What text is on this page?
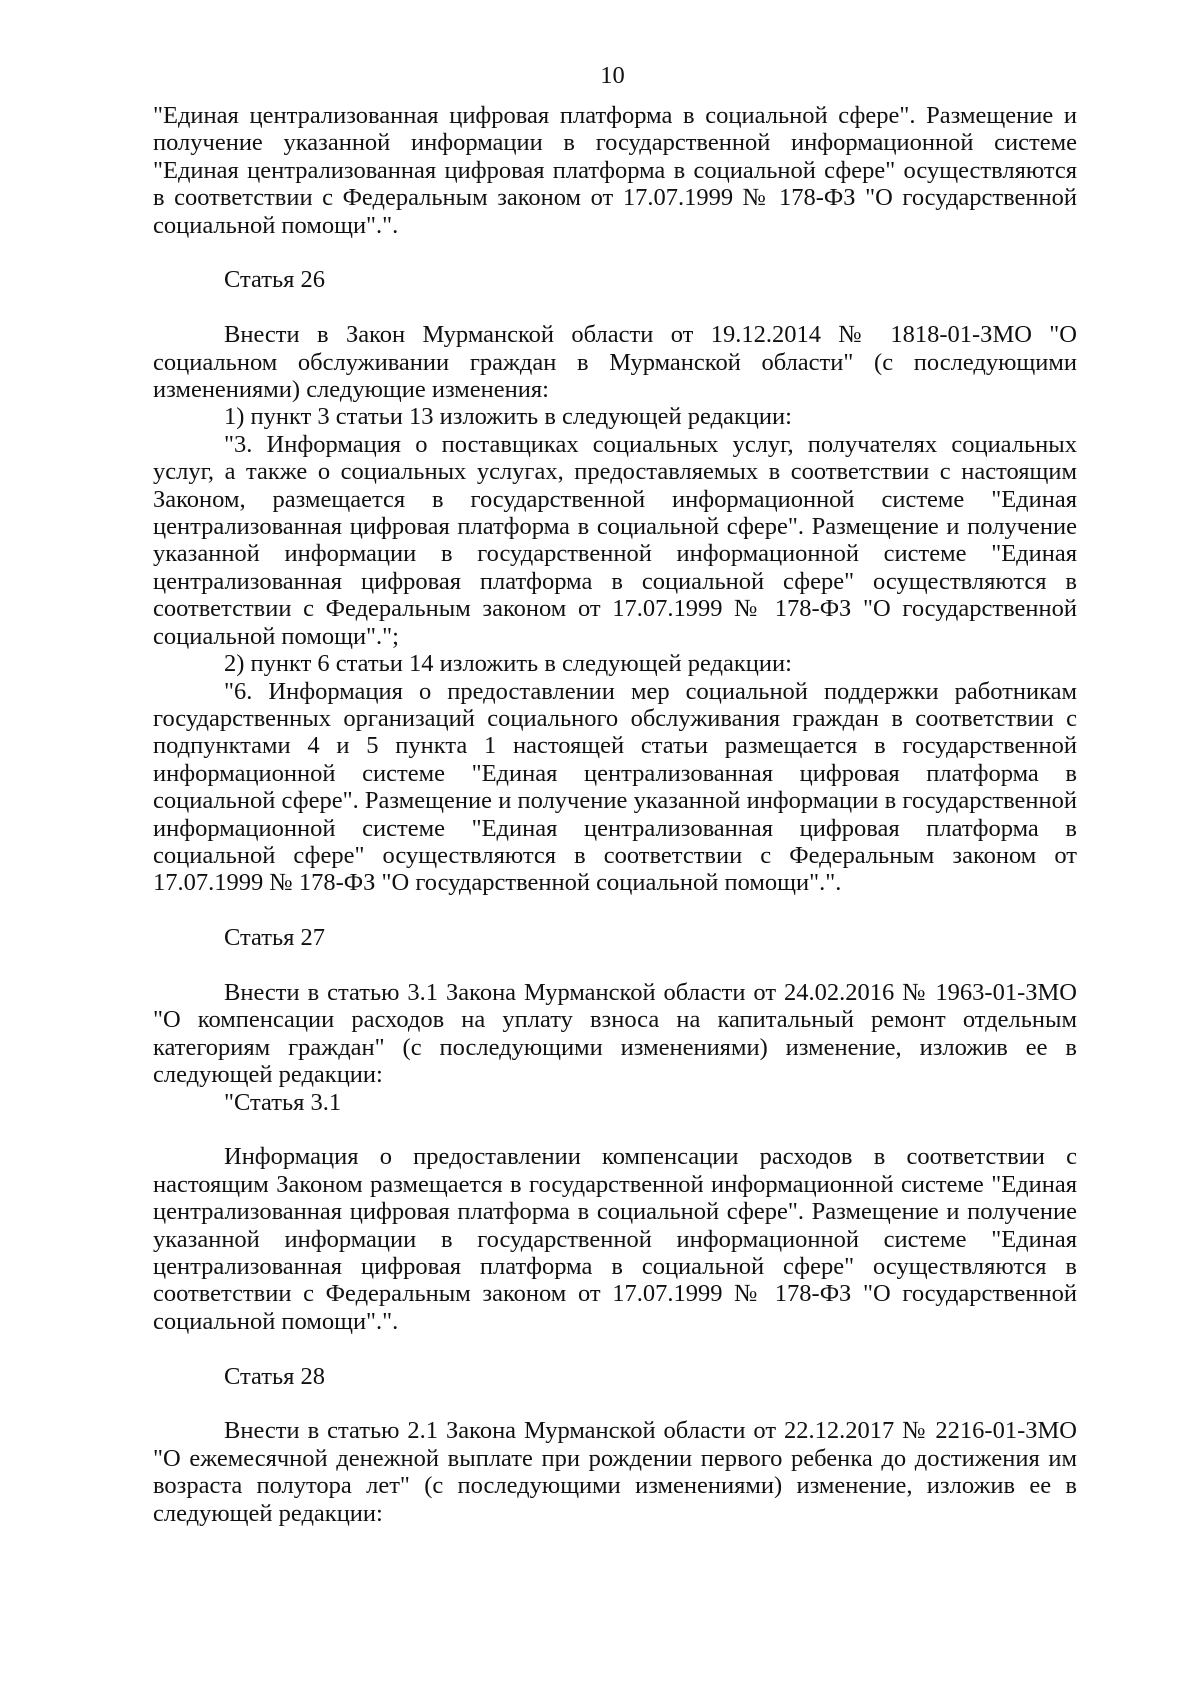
10

"Единая централизованная цифровая платформа в социальной сфере". Размещение и получение указанной информации в государственной информационной системе "Единая централизованная цифровая платформа в социальной сфере" осуществляются в соответствии с Федеральным законом от 17.07.1999 № 178-ФЗ "О государственной социальной помощи".".

Статья 26

Внести в Закон Мурманской области от 19.12.2014 № 1818-01-ЗМО "О социальном обслуживании граждан в Мурманской области" (с последующими изменениями) следующие изменения:

1) пункт 3 статьи 13 изложить в следующей редакции:

"3. Информация о поставщиках социальных услуг, получателях социальных услуг, а также о социальных услугах, предоставляемых в соответствии с настоящим Законом, размещается в государственной информационной системе "Единая централизованная цифровая платформа в социальной сфере". Размещение и получение указанной информации в государственной информационной системе "Единая централизованная цифровая платформа в социальной сфере" осуществляются в соответствии с Федеральным законом от 17.07.1999 № 178-ФЗ "О государственной социальной помощи".";

2) пункт 6 статьи 14 изложить в следующей редакции:

"6. Информация о предоставлении мер социальной поддержки работникам государственных организаций социального обслуживания граждан в соответствии с подпунктами 4 и 5 пункта 1 настоящей статьи размещается в государственной информационной системе "Единая централизованная цифровая платформа в социальной сфере". Размещение и получение указанной информации в государственной информационной системе "Единая централизованная цифровая платформа в социальной сфере" осуществляются в соответствии с Федеральным законом от 17.07.1999 № 178-ФЗ "О государственной социальной помощи".".

Статья 27

Внести в статью 3.1 Закона Мурманской области от 24.02.2016 № 1963-01-ЗМО "О компенсации расходов на уплату взноса на капитальный ремонт отдельным категориям граждан" (с последующими изменениями) изменение, изложив ее в следующей редакции:

"Статья 3.1

Информация о предоставлении компенсации расходов в соответствии с настоящим Законом размещается в государственной информационной системе "Единая централизованная цифровая платформа в социальной сфере". Размещение и получение указанной информации в государственной информационной системе "Единая централизованная цифровая платформа в социальной сфере" осуществляются в соответствии с Федеральным законом от 17.07.1999 № 178-ФЗ "О государственной социальной помощи".".

Статья 28

Внести в статью 2.1 Закона Мурманской области от 22.12.2017 № 2216-01-ЗМО "О ежемесячной денежной выплате при рождении первого ребенка до достижения им возраста полутора лет" (с последующими изменениями) изменение, изложив ее в следующей редакции:
